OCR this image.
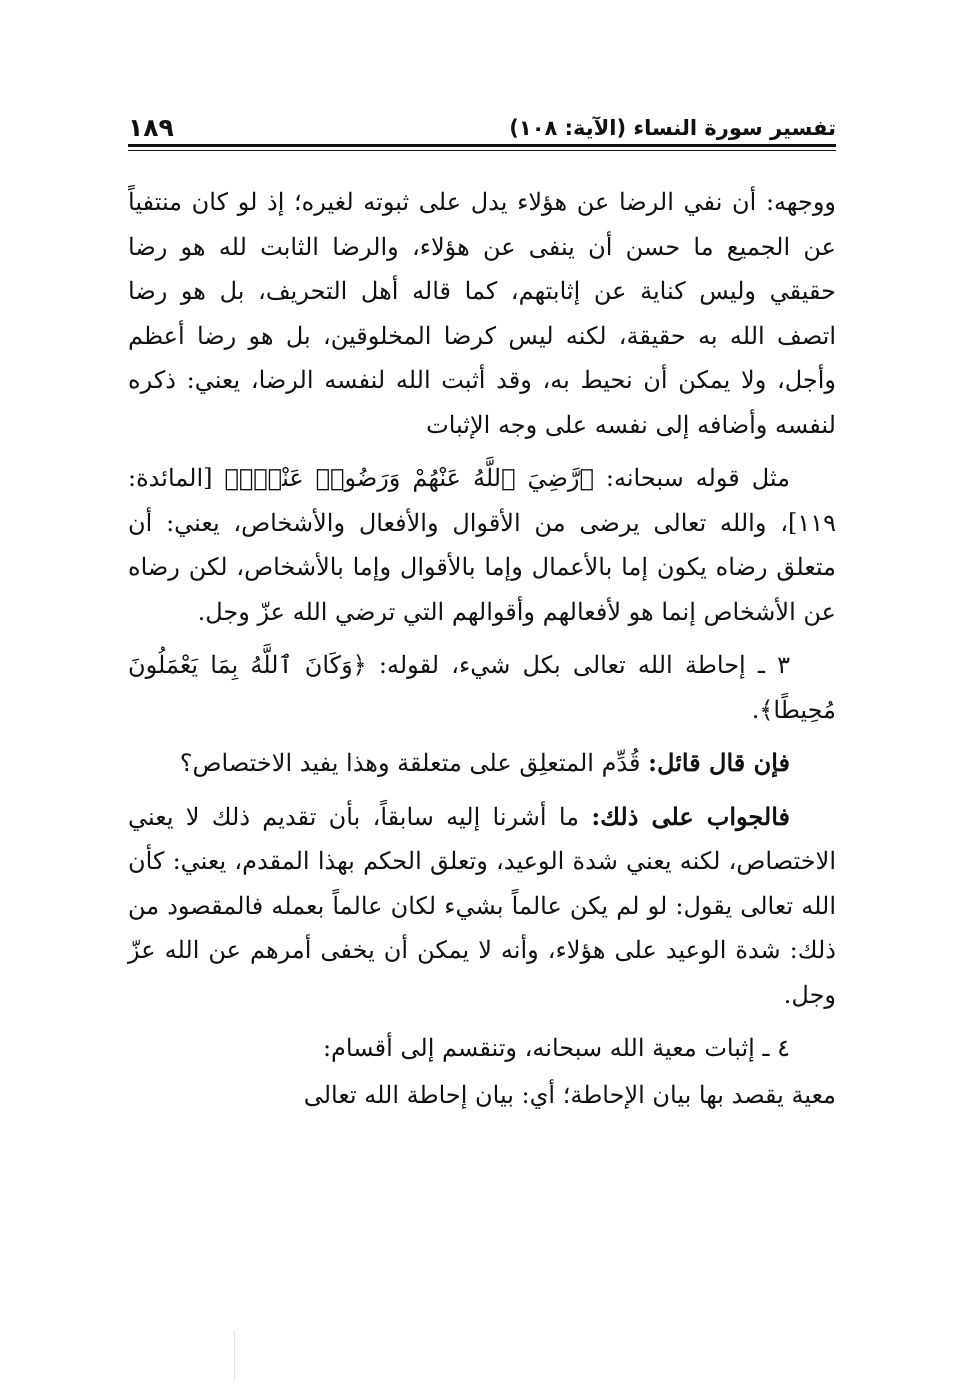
تفسير سورة النساء (الآية: ١٠٨)
١٨٩

ووجهه: أن نفي الرضا عن هؤلاء يدل على ثبوته لغيره؛ إذ لو كان منتفياً عن الجميع ما حسن أن ينفى عن هؤلاء، والرضا الثابت لله هو رضا حقيقي وليس كناية عن إثابتهم، كما قاله أهل التحريف، بل هو رضا اتصف الله به حقيقة، لكنه ليس كرضا المخلوقين، بل هو رضا أعظم وأجل، ولا يمكن أن نحيط به، وقد أثبت الله لنفسه الرضا، يعني: ذكره لنفسه وأضافه إلى نفسه على وجه الإثبات

مثل قوله سبحانه: ﴿رَّضِيَ ٱللَّهُ عَنْهُمْ وَرَضُوا۟ عَنْهُۚ﴾ [المائدة: ١١٩]، والله تعالى يرضى من الأقوال والأفعال والأشخاص، يعني: أن متعلق رضاه يكون إما بالأعمال وإما بالأقوال وإما بالأشخاص، لكن رضاه عن الأشخاص إنما هو لأفعالهم وأقوالهم التي ترضي الله عزّ وجل.

٣ ـ إحاطة الله تعالى بكل شيء، لقوله: ﴿وَكَانَ ٱللَّهُ بِمَا يَعْمَلُونَ مُحِيطًا﴾.

فإن قال قائل: قُدِّم المتعلِق على متعلقة وهذا يفيد الاختصاص؟

فالجواب على ذلك: ما أشرنا إليه سابقاً، بأن تقديم ذلك لا يعني الاختصاص، لكنه يعني شدة الوعيد، وتعلق الحكم بهذا المقدم، يعني: كأن الله تعالى يقول: لو لم يكن عالماً بشيء لكان عالماً بعمله فالمقصود من ذلك: شدة الوعيد على هؤلاء، وأنه لا يمكن أن يخفى أمرهم عن الله عزّ وجل.

٤ ـ إثبات معية الله سبحانه، وتنقسم إلى أقسام:

معية يقصد بها بيان الإحاطة؛ أي: بيان إحاطة الله تعالى
